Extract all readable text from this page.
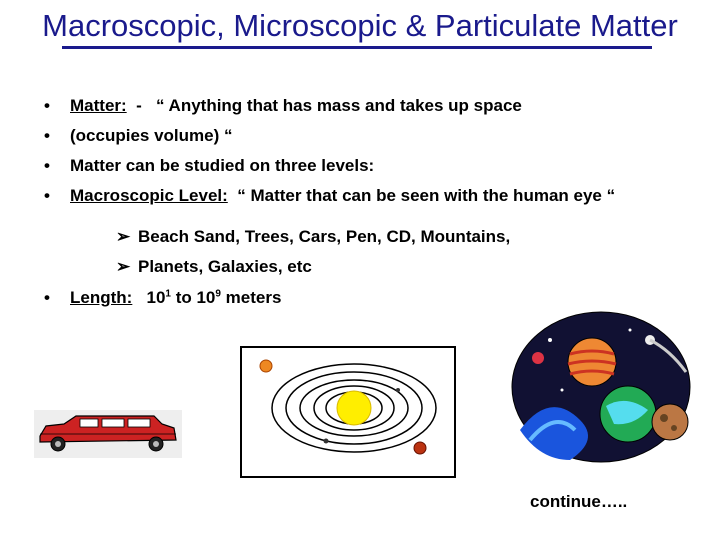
Macroscopic, Microscopic & Particulate Matter
• Matter:  -   “ Anything that has mass and takes up space
• (occupies volume) “
• Matter can be studied on three levels:
• Macroscopic Level:  “ Matter that can be seen with the human eye “
➢ Beach Sand, Trees, Cars, Pen, CD, Mountains,
➢ Planets, Galaxies, etc
• Length:   $10^1$ to $10^9$ meters
continue…..
